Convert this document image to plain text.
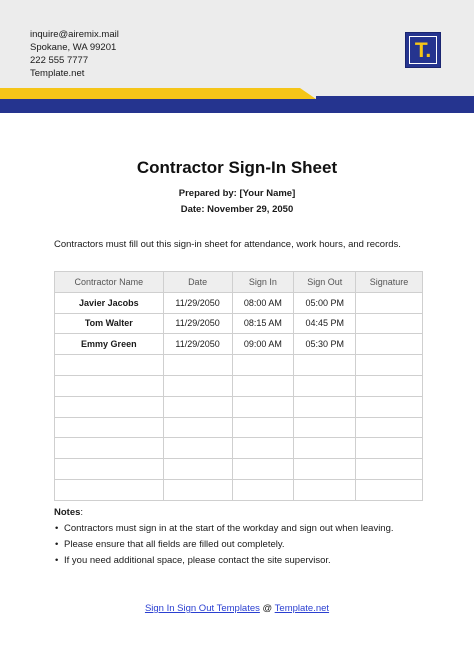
inquire@airemix.mail
Spokane, WA 99201
222 555 7777
Template.net
T.
Contractor Sign-In Sheet
Prepared by: [Your Name]
Date: November 29, 2050
Contractors must fill out this sign-in sheet for attendance, work hours, and records.
Contractor Name	Date	Sign In	Sign Out	Signature
Javier Jacobs	11/29/2050	08:00 AM	05:00 PM	
Tom Walter	11/29/2050	08:15 AM	04:45 PM	
Emmy Green	11/29/2050	09:00 AM	05:30 PM	

Notes:
• Contractors must sign in at the start of the workday and sign out when leaving.
• Please ensure that all fields are filled out completely.
• If you need additional space, please contact the site supervisor.
Sign In Sign Out Templates @ Template.net
